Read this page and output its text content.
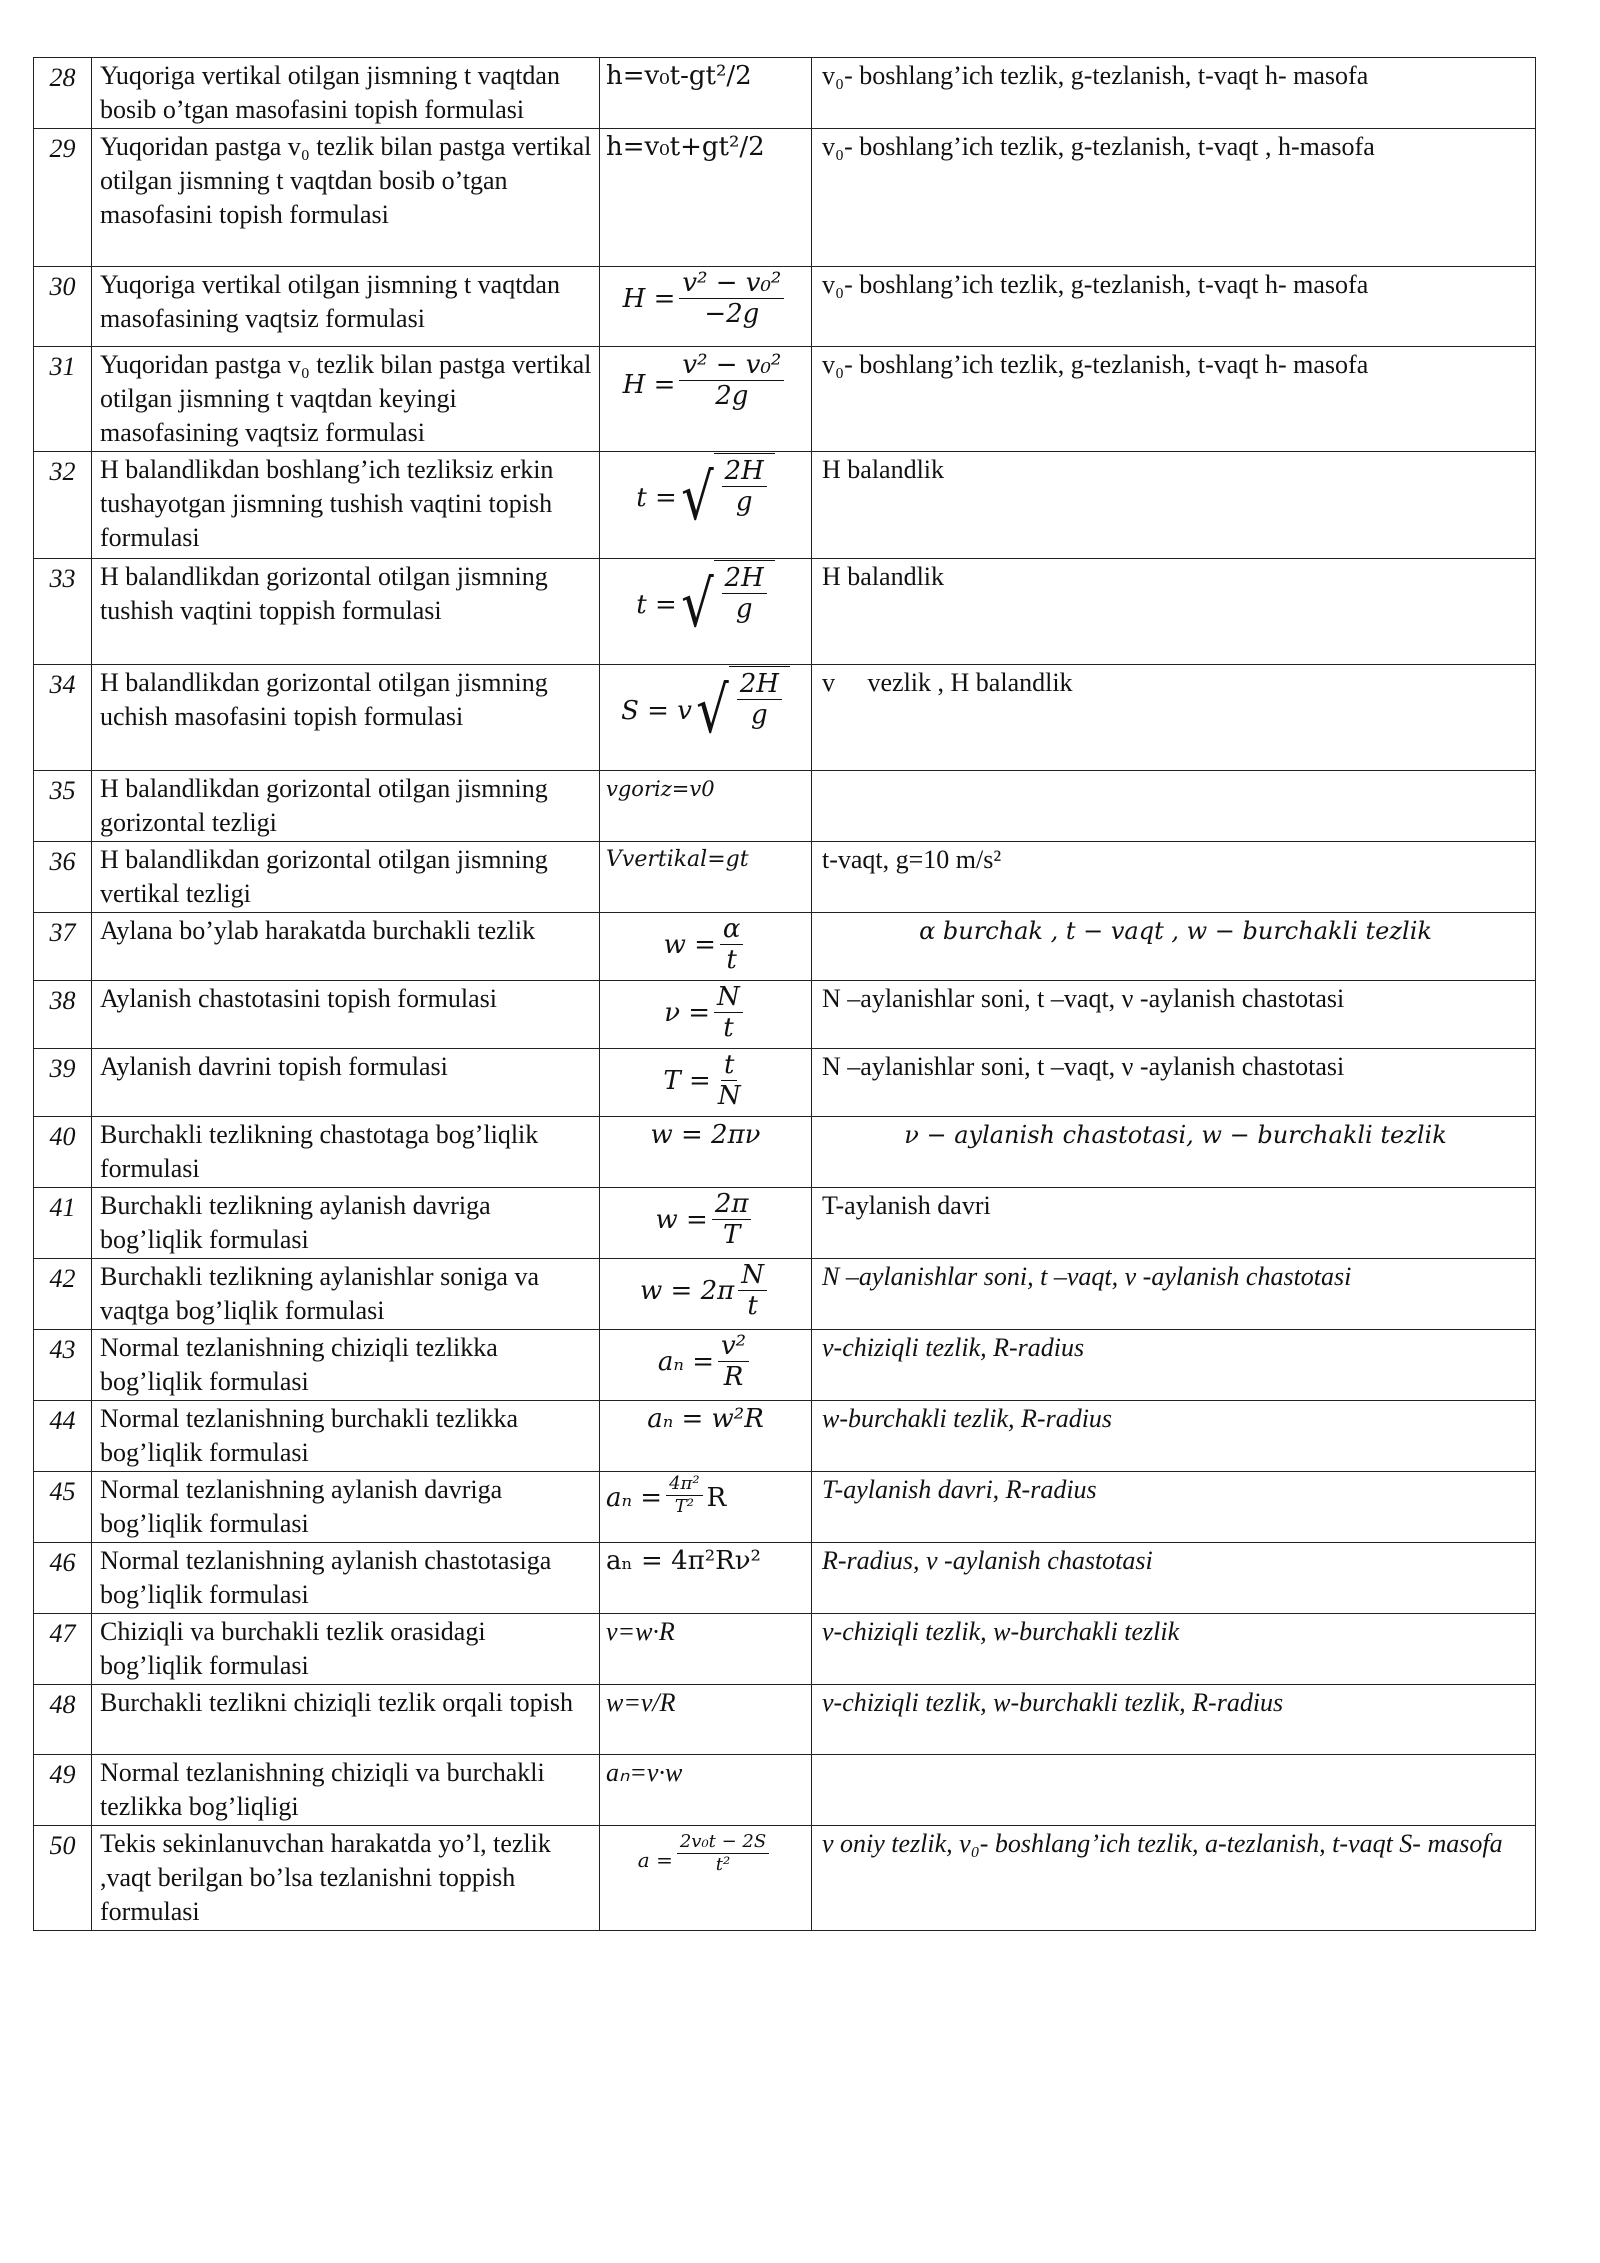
28	Yuqoriga vertikal otilgan jismning t vaqtdan bosib o’tgan masofasini topish formulasi	h=v₀t-gt²/2	v₀- boshlang’ich tezlik, g-tezlanish, t-vaqt h- masofa
29	Yuqoridan pastga v₀ tezlik bilan pastga vertikal otilgan jismning t vaqtdan bosib o’tgan masofasini topish formulasi	h=v₀t+gt²/2	v₀- boshlang’ich tezlik, g-tezlanish, t-vaqt , h-masofa
30	Yuqoriga vertikal otilgan jismning t vaqtdan masofasining vaqtsiz formulasi	$H = \frac{\text{v² − v₀²}}{-2g}$	v₀- boshlang’ich tezlik, g-tezlanish, t-vaqt h- masofa
31	Yuqoridan pastga v₀ tezlik bilan pastga vertikal otilgan jismning t vaqtdan keyingi masofasining vaqtsiz formulasi	$H = \frac{\text{v² − v₀²}}{2g}$	v₀- boshlang’ich tezlik, g-tezlanish, t-vaqt h- masofa
32	H balandlikdan boshlang’ich tezliksiz erkin tushayotgan jismning tushish vaqtini topish formulasi	t = √ $\frac{2H}{g}$	H balandlik
33	H balandlikdan gorizontal otilgan jismning tushish vaqtini toppish formulasi	t = √ $\frac{2H}{g}$	H balandlik
34	H balandlikdan gorizontal otilgan jismning uchish masofasini topish formulasi	S = v √ $\frac{2H}{g}$	v     vezlik , H balandlik
35	H balandlikdan gorizontal otilgan jismning gorizontal tezligi	vgoriz=v0	
36	H balandlikdan gorizontal otilgan jismning vertikal tezligi	Vvertikal=gt	t-vaqt, g=10 m/s²
37	Aylana bo’ylab harakatda burchakli tezlik	$w = \frac{\alpha}{t}$	α burchak , t − vaqt , w − burchakli tezlik
38	Aylanish chastotasini topish formulasi	$\nu = \frac{N}{t}$	N –aylanishlar soni, t –vaqt, ν -aylanish chastotasi
39	Aylanish davrini topish formulasi	$T = \frac{t}{N}$	N –aylanishlar soni, t –vaqt, ν -aylanish chastotasi
40	Burchakli tezlikning chastotaga bog’liqlik formulasi	w = 2πν	ν − aylanish chastotasi, w − burchakli tezlik
41	Burchakli tezlikning aylanish davriga bog’liqlik formulasi	$w = \frac{2\pi}{T}$	T-aylanish davri
42	Burchakli tezlikning aylanishlar soniga va vaqtga bog’liqlik formulasi	$w = 2\pi \frac{N}{t}$	N –aylanishlar soni, t –vaqt, ν -aylanish chastotasi
43	Normal tezlanishning chiziqli tezlikka bog’liqlik formulasi	$a_n = \frac{\text{v²}}{R}$	v-chiziqli tezlik, R-radius
44	Normal tezlanishning burchakli tezlikka bog’liqlik formulasi	aₙ = w²R	w-burchakli tezlik, R-radius
45	Normal tezlanishning aylanish davriga bog’liqlik formulasi	$a_n = \frac{\text{4π²}}{\text{T²}}$ R	T-aylanish davri, R-radius
46	Normal tezlanishning aylanish chastotasiga bog’liqlik formulasi	aₙ = 4π²Rν²	R-radius, ν -aylanish chastotasi
47	Chiziqli va burchakli tezlik orasidagi bog’liqlik formulasi	v=w·R	v-chiziqli tezlik, w-burchakli tezlik
48	Burchakli tezlikni chiziqli tezlik orqali topish	w=v/R	v-chiziqli tezlik, w-burchakli tezlik, R-radius
49	Normal tezlanishning chiziqli va burchakli tezlikka bog’liqligi	aₙ=v·w	
50	Tekis sekinlanuvchan harakatda yo’l, tezlik ,vaqt berilgan bo’lsa tezlanishni toppish formulasi	$a = \frac{\text{2v₀t − 2S}}{\text{t²}}$	v oniy tezlik, v₀- boshlang’ich tezlik, a-tezlanish, t-vaqt S- masofa
